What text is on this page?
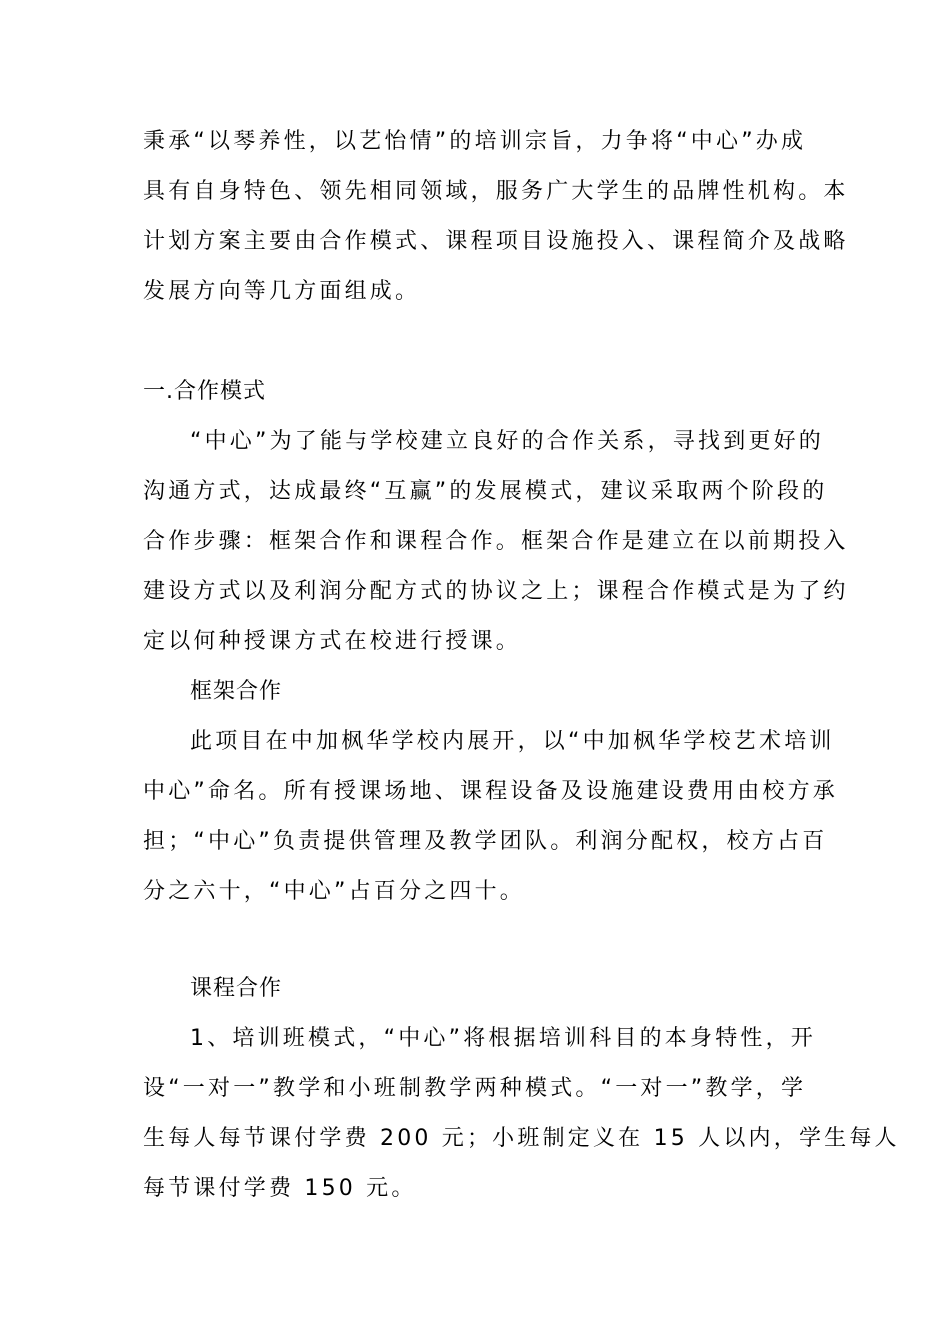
秉承“以琴养性，以艺怡情”的培训宗旨，力争将“中心”办成
具有自身特色、领先相同领域，服务广大学生的品牌性机构。本
计划方案主要由合作模式、课程项目设施投入、课程简介及战略
发展方向等几方面组成。
一.合作模式
“中心”为了能与学校建立良好的合作关系，寻找到更好的
沟通方式，达成最终“互赢”的发展模式，建议采取两个阶段的
合作步骤：框架合作和课程合作。框架合作是建立在以前期投入
建设方式以及利润分配方式的协议之上；课程合作模式是为了约
定以何种授课方式在校进行授课。
框架合作
此项目在中加枫华学校内展开，以“中加枫华学校艺术培训
中心”命名。所有授课场地、课程设备及设施建设费用由校方承
担；“中心”负责提供管理及教学团队。利润分配权，校方占百
分之六十，“中心”占百分之四十。
课程合作
1、培训班模式，“中心”将根据培训科目的本身特性，开
设“一对一”教学和小班制教学两种模式。“一对一”教学，学
生每人每节课付学费 200 元；小班制定义在 15 人以内，学生每人
每节课付学费 150 元。
